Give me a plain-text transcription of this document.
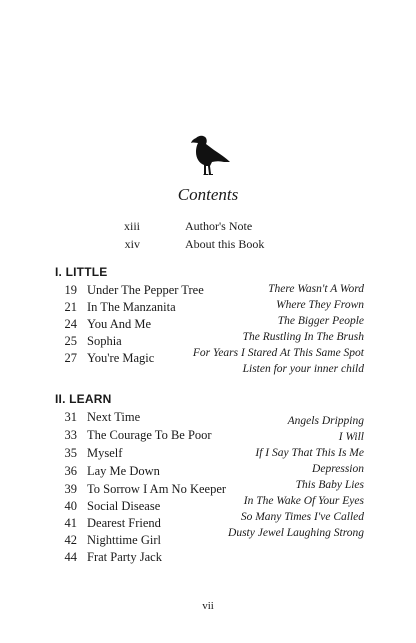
Contents
xiii	Author's Note
xiv	About this Book
I. LITTLE
19 Under The Pepper Tree
21 In The Manzanita
24 You And Me
25 Sophia
27 You're Magic
There Wasn't A Word
Where They Frown
The Bigger People
The Rustling In The Brush
For Years I Stared At This Same Spot
Listen for your inner child
II. LEARN
31 Next Time
33 The Courage To Be Poor
35 Myself
36 Lay Me Down
39 To Sorrow I Am No Keeper
40 Social Disease
41 Dearest Friend
42 Nighttime Girl
44 Frat Party Jack
Angels Dripping
I Will
If I Say That This Is Me
Depression
This Baby Lies
In The Wake Of Your Eyes
So Many Times I've Called
Dusty Jewel Laughing Strong
vii
